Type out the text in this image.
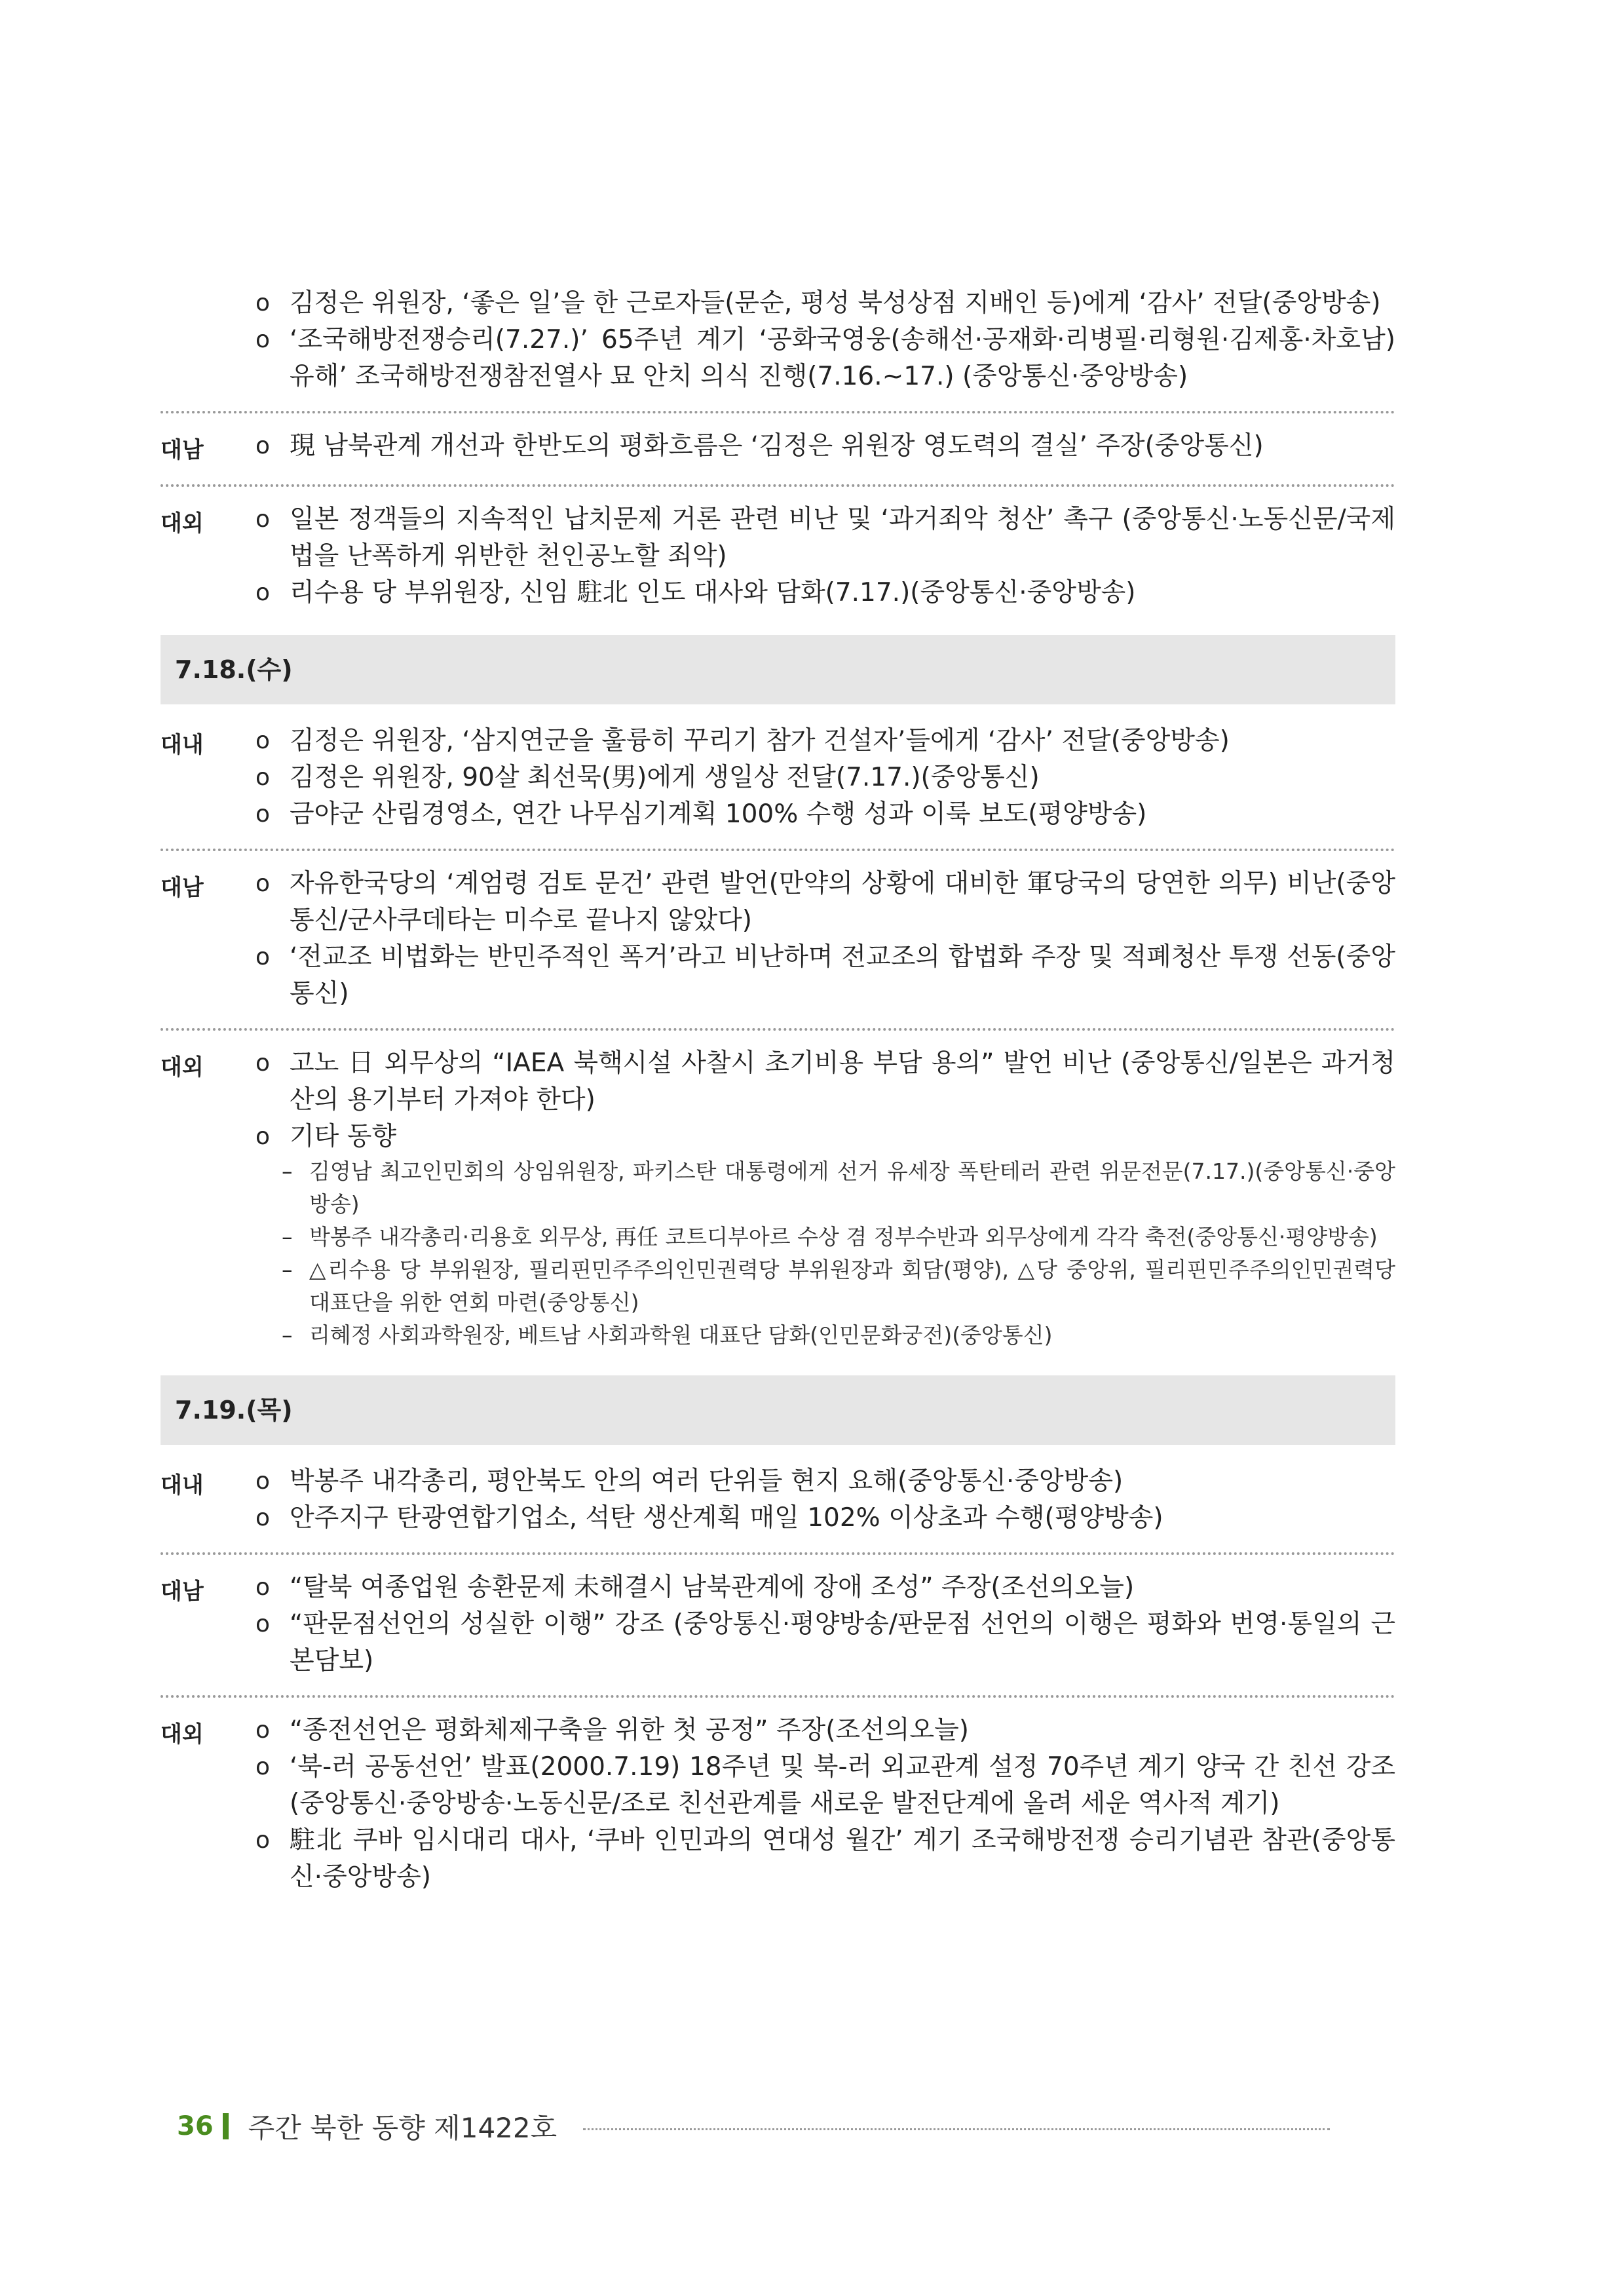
o 김정은 위원장, ‘좋은 일’을 한 근로자들(문순, 평성 북성상점 지배인 등)에게 ‘감사’ 전달(중앙방송)
o ‘조국해방전쟁승리(7.27.)’ 65주년 계기 ‘공화국영웅(송해선·공재화·리병필·리형원·김제홍·차호남) 유해’ 조국해방전쟁참전열사 묘 안치 의식 진행(7.16.~17.) (중앙통신·중앙방송)
대남	o 現 남북관계 개선과 한반도의 평화흐름은 ‘김정은 위원장 영도력의 결실’ 주장(중앙통신)
대외	o 일본 정객들의 지속적인 납치문제 거론 관련 비난 및 ‘과거죄악 청산’ 촉구 (중앙통신·노동신문/국제 법을 난폭하게 위반한 천인공노할 죄악)
o 리수용 당 부위원장, 신임 駐北 인도 대사와 담화(7.17.)(중앙통신·중앙방송)
7.18.(수)
대내	o 김정은 위원장, ‘삼지연군을 훌륭히 꾸리기 참가 건설자’들에게 ‘감사’ 전달(중앙방송)
o 김정은 위원장, 90살 최선묵(男)에게 생일상 전달(7.17.)(중앙통신)
o 금야군 산림경영소, 연간 나무심기계획 100% 수행 성과 이룩 보도(평양방송)
대남	o 자유한국당의 ‘계엄령 검토 문건’ 관련 발언(만약의 상황에 대비한 軍당국의 당연한 의무) 비난(중앙통신/군사쿠데타는 미수로 끝나지 않았다)
o ‘전교조 비법화는 반민주적인 폭거’라고 비난하며 전교조의 합법화 주장 및 적폐청산 투쟁 선동(중앙통신)
대외	o 고노 日 외무상의 “IAEA 북핵시설 사찰시 초기비용 부담 용의” 발언 비난 (중앙통신/일본은 과거청산의 용기부터 가져야 한다)
o 기타 동향
– 김영남 최고인민회의 상임위원장, 파키스탄 대통령에게 선거 유세장 폭탄테러 관련 위문전문(7.17.)(중앙통신·중앙방송)
– 박봉주 내각총리·리용호 외무상, 再任 코트디부아르 수상 겸 정부수반과 외무상에게 각각 축전(중앙통신·평양방송)
– △리수용 당 부위원장, 필리핀민주주의인민권력당 부위원장과 회담(평양), △당 중앙위, 필리핀민주주의인민권력당 대표단을 위한 연회 마련(중앙통신)
– 리혜정 사회과학원장, 베트남 사회과학원 대표단 담화(인민문화궁전)(중앙통신)
7.19.(목)
대내	o 박봉주 내각총리, 평안북도 안의 여러 단위들 현지 요해(중앙통신·중앙방송)
o 안주지구 탄광연합기업소, 석탄 생산계획 매일 102% 이상초과 수행(평양방송)
대남	o “탈북 여종업원 송환문제 未해결시 남북관계에 장애 조성” 주장(조선의오늘)
o “판문점선언의 성실한 이행” 강조 (중앙통신·평양방송/판문점 선언의 이행은 평화와 번영·통일의 근본담보)
대외	o “종전선언은 평화체제구축을 위한 첫 공정” 주장(조선의오늘)
o ‘북-러 공동선언’ 발표(2000.7.19) 18주년 및 북-러 외교관계 설정 70주년 계기 양국 간 친선 강조(중앙통신·중앙방송·노동신문/조로 친선관계를 새로운 발전단계에 올려 세운 역사적 계기)
o 駐北 쿠바 임시대리 대사, ‘쿠바 인민과의 연대성 월간’ 계기 조국해방전쟁 승리기념관 참관(중앙통신·중앙방송)
36 주간 북한 동향 제1422호
